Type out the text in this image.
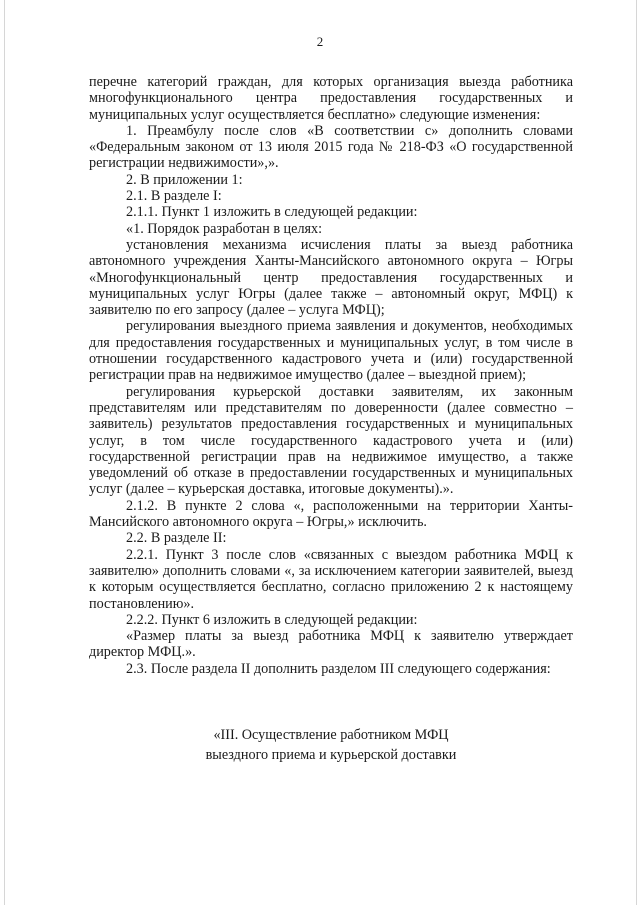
2

перечне категорий граждан, для которых организация выезда работника многофункционального центра предоставления государственных и муниципальных услуг осуществляется бесплатно» следующие изменения:

1. Преамбулу после слов «В соответствии с» дополнить словами «Федеральным законом от 13 июля 2015 года № 218-ФЗ «О государственной регистрации недвижимости»,».

2. В приложении 1:

2.1. В разделе I:

2.1.1. Пункт 1 изложить в следующей редакции:

«1. Порядок разработан в целях:

установления механизма исчисления платы за выезд работника автономного учреждения Ханты-Мансийского автономного округа – Югры «Многофункциональный центр предоставления государственных и муниципальных услуг Югры (далее также – автономный округ, МФЦ) к заявителю по его запросу (далее – услуга МФЦ);

регулирования выездного приема заявления и документов, необходимых для предоставления государственных и муниципальных услуг, в том числе в отношении государственного кадастрового учета и (или) государственной регистрации прав на недвижимое имущество (далее – выездной прием);

регулирования курьерской доставки заявителям, их законным представителям или представителям по доверенности (далее совместно – заявитель) результатов предоставления государственных и муниципальных услуг, в том числе государственного кадастрового учета и (или) государственной регистрации прав на недвижимое имущество, а также уведомлений об отказе в предоставлении государственных и муниципальных услуг (далее – курьерская доставка, итоговые документы).».

2.1.2. В пункте 2 слова «, расположенными на территории Ханты-Мансийского автономного округа – Югры,» исключить.

2.2. В разделе II:

2.2.1. Пункт 3 после слов «связанных с выездом работника МФЦ к заявителю» дополнить словами «, за исключением категории заявителей, выезд к которым осуществляется бесплатно, согласно приложению 2 к настоящему постановлению».

2.2.2. Пункт 6 изложить в следующей редакции:

«Размер платы за выезд работника МФЦ к заявителю утверждает директор МФЦ.».

2.3. После раздела II дополнить разделом III следующего содержания:

«III. Осуществление работником МФЦ
выездного приема и курьерской доставки
